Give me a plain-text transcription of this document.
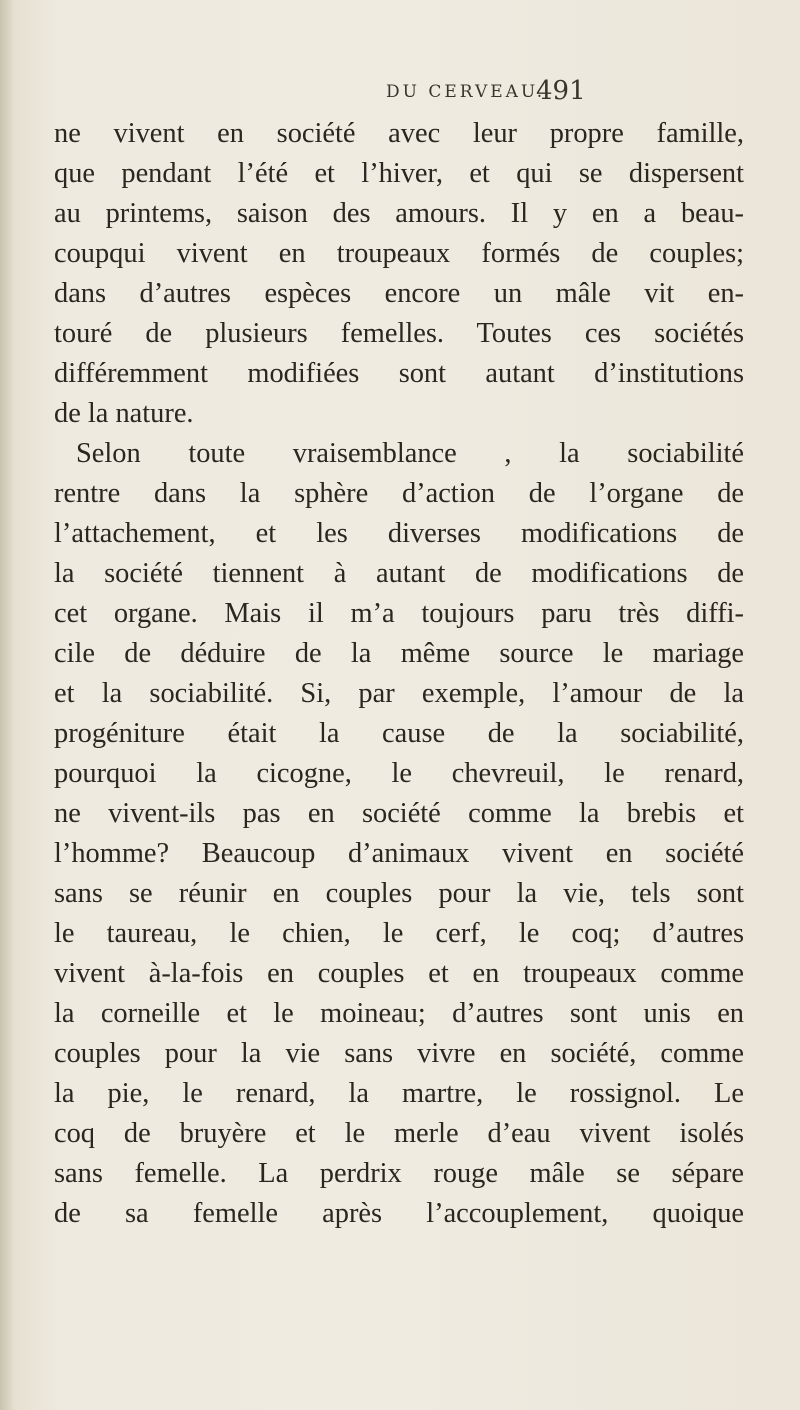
DU CERVEAU.
491
ne vivent en société avec leur propre famille,
que pendant l’été et l’hiver, et qui se dispersent
au printems, saison des amours. Il y en a beau-
coupqui vivent en troupeaux formés de couples;
dans d’autres espèces encore un mâle vit en-
touré de plusieurs femelles. Toutes ces sociétés
différemment modifiées sont autant d’institutions
de la nature.
Selon toute vraisemblance , la sociabilité
rentre dans la sphère d’action de l’organe de
l’attachement, et les diverses modifications de
la société tiennent à autant de modifications de
cet organe. Mais il m’a toujours paru très diffi-
cile de déduire de la même source le mariage
et la sociabilité. Si, par exemple, l’amour de la
progéniture était la cause de la sociabilité,
pourquoi la cicogne, le chevreuil, le renard,
ne vivent-ils pas en société comme la brebis et
l’homme? Beaucoup d’animaux vivent en société
sans se réunir en couples pour la vie, tels sont
le taureau, le chien, le cerf, le coq; d’autres
vivent à-la-fois en couples et en troupeaux comme
la corneille et le moineau; d’autres sont unis en
couples pour la vie sans vivre en société, comme
la pie, le renard, la martre, le rossignol. Le
coq de bruyère et le merle d’eau vivent isolés
sans femelle. La perdrix rouge mâle se sépare
de sa femelle après l’accouplement, quoique
